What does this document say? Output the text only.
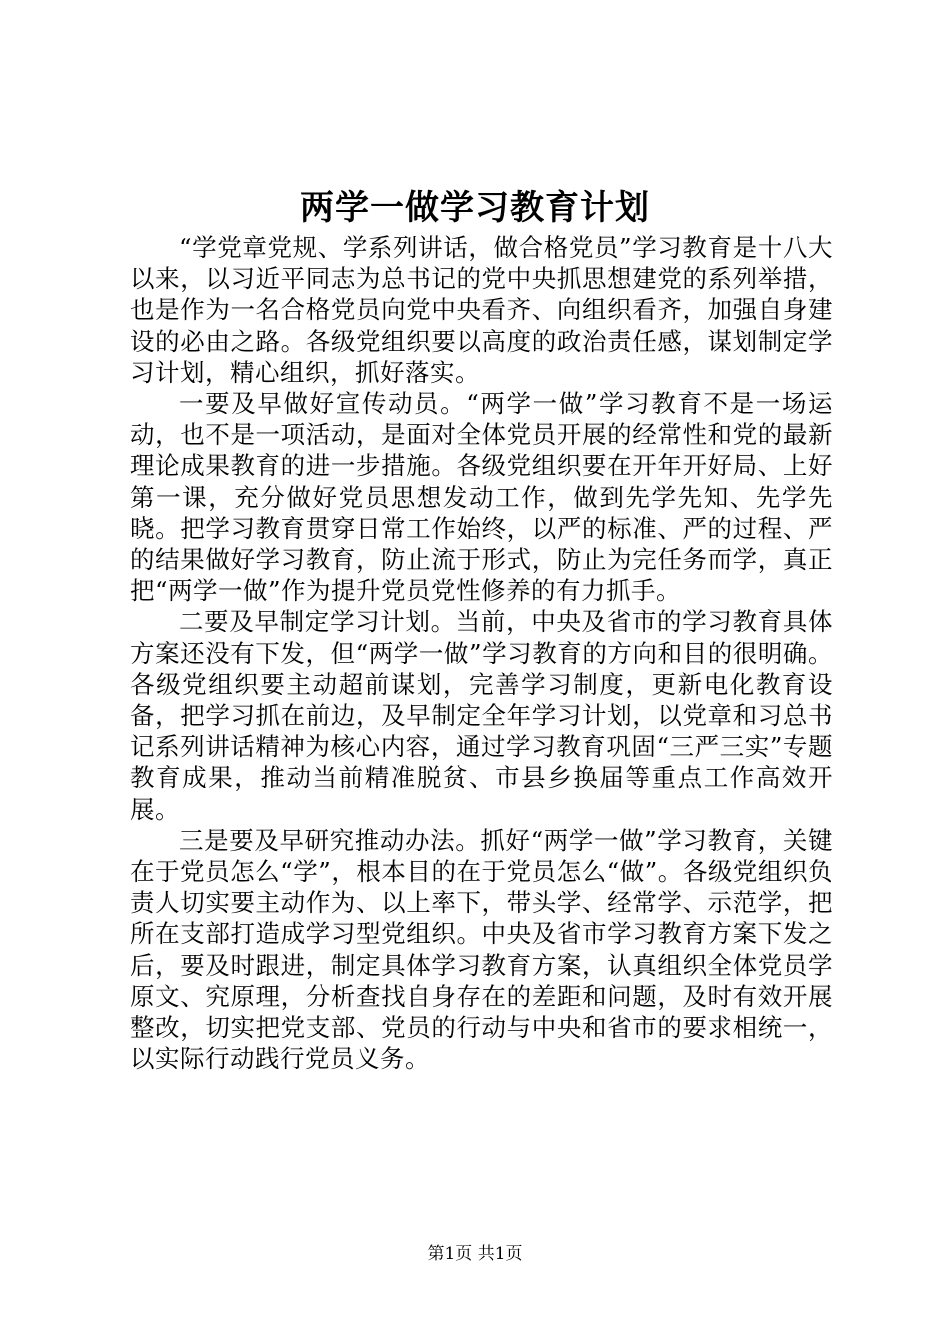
两学一做学习教育计划

“学党章党规、学系列讲话，做合格党员”学习教育是十八大以来，以习近平同志为总书记的党中央抓思想建党的系列举措，也是作为一名合格党员向党中央看齐、向组织看齐，加强自身建设的必由之路。各级党组织要以高度的政治责任感，谋划制定学习计划，精心组织，抓好落实。

一要及早做好宣传动员。“两学一做”学习教育不是一场运动，也不是一项活动，是面对全体党员开展的经常性和党的最新理论成果教育的进一步措施。各级党组织要在开年开好局、上好第一课，充分做好党员思想发动工作，做到先学先知、先学先晓。把学习教育贯穿日常工作始终，以严的标准、严的过程、严的结果做好学习教育，防止流于形式，防止为完任务而学，真正把“两学一做”作为提升党员党性修养的有力抓手。

二要及早制定学习计划。当前，中央及省市的学习教育具体方案还没有下发，但“两学一做”学习教育的方向和目的很明确。各级党组织要主动超前谋划，完善学习制度，更新电化教育设备，把学习抓在前边，及早制定全年学习计划，以党章和习总书记系列讲话精神为核心内容，通过学习教育巩固“三严三实”专题教育成果，推动当前精准脱贫、市县乡换届等重点工作高效开展。

三是要及早研究推动办法。抓好“两学一做”学习教育，关键在于党员怎么“学”，根本目的在于党员怎么“做”。各级党组织负责人切实要主动作为、以上率下，带头学、经常学、示范学，把所在支部打造成学习型党组织。中央及省市学习教育方案下发之后，要及时跟进，制定具体学习教育方案，认真组织全体党员学原文、究原理，分析查找自身存在的差距和问题，及时有效开展整改，切实把党支部、党员的行动与中央和省市的要求相统一，以实际行动践行党员义务。

第1页 共1页
